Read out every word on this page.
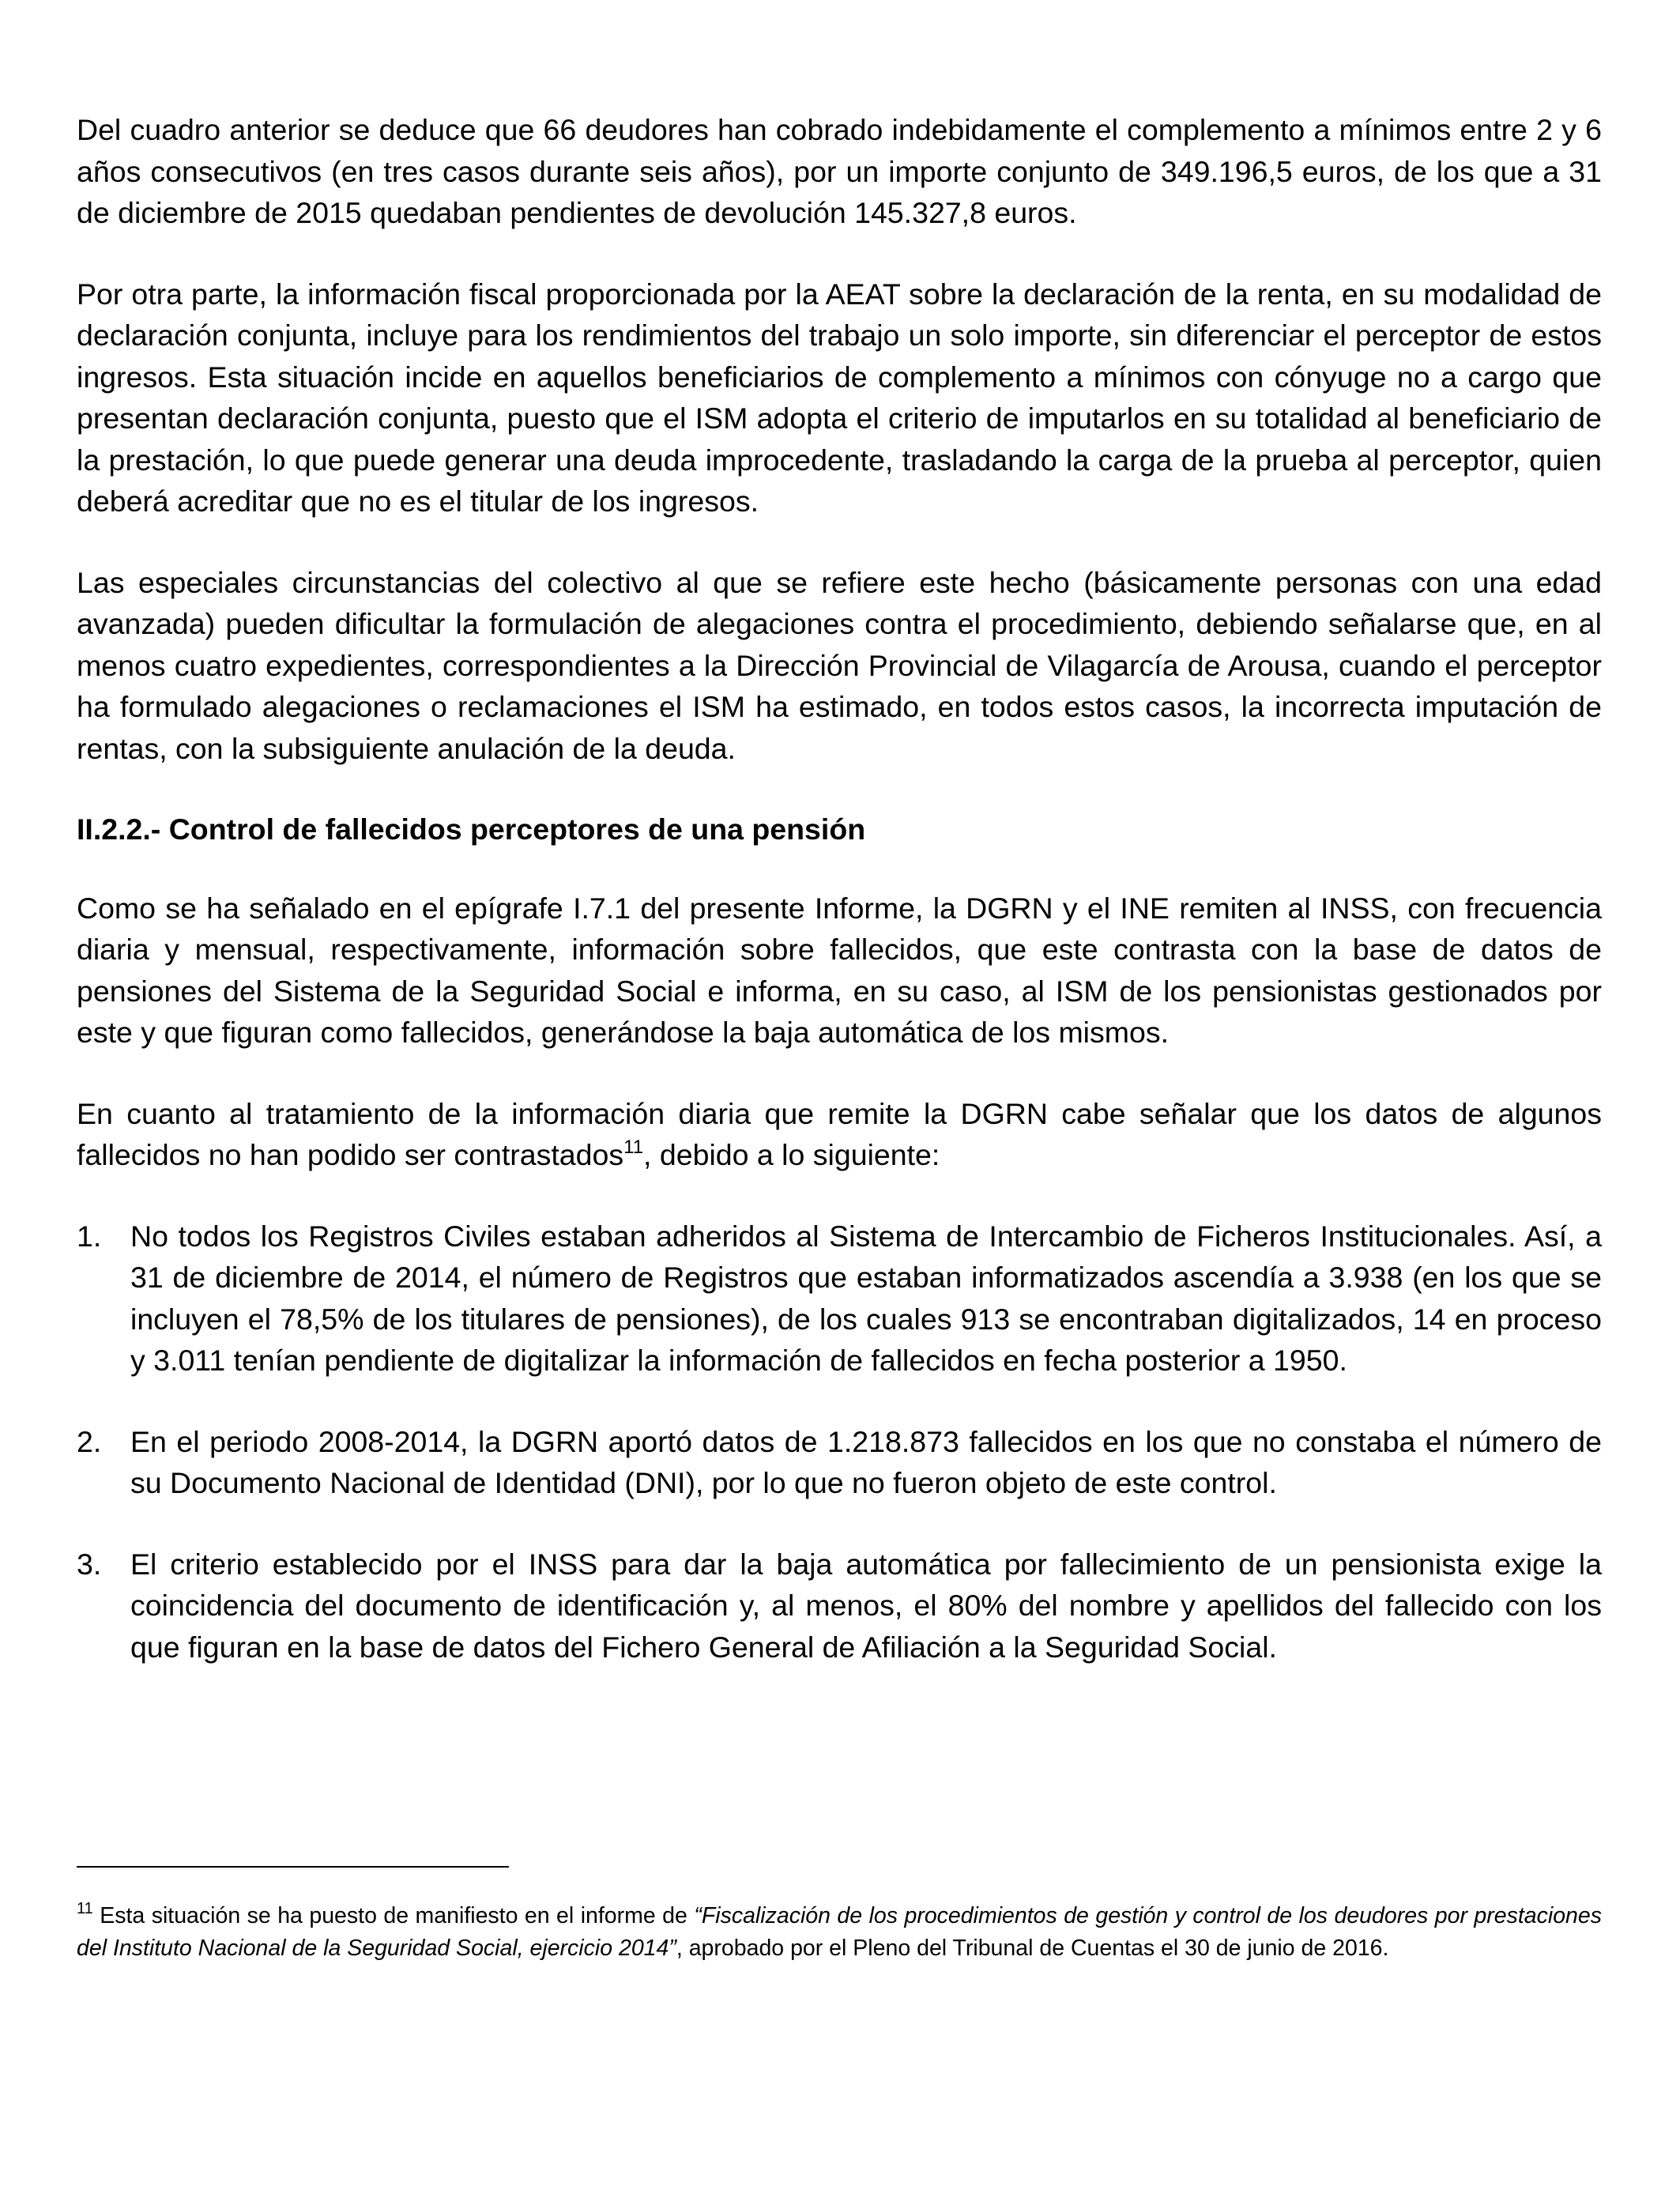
Del cuadro anterior se deduce que 66 deudores han cobrado indebidamente el complemento a mínimos entre 2 y 6 años consecutivos (en tres casos durante seis años), por un importe conjunto de 349.196,5 euros, de los que a 31 de diciembre de 2015 quedaban pendientes de devolución 145.327,8 euros.

Por otra parte, la información fiscal proporcionada por la AEAT sobre la declaración de la renta, en su modalidad de declaración conjunta, incluye para los rendimientos del trabajo un solo importe, sin diferenciar el perceptor de estos ingresos. Esta situación incide en aquellos beneficiarios de complemento a mínimos con cónyuge no a cargo que presentan declaración conjunta, puesto que el ISM adopta el criterio de imputarlos en su totalidad al beneficiario de la prestación, lo que puede generar una deuda improcedente, trasladando la carga de la prueba al perceptor, quien deberá acreditar que no es el titular de los ingresos.

Las especiales circunstancias del colectivo al que se refiere este hecho (básicamente personas con una edad avanzada) pueden dificultar la formulación de alegaciones contra el procedimiento, debiendo señalarse que, en al menos cuatro expedientes, correspondientes a la Dirección Provincial de Vilagarcía de Arousa, cuando el perceptor ha formulado alegaciones o reclamaciones el ISM ha estimado, en todos estos casos, la incorrecta imputación de rentas, con la subsiguiente anulación de la deuda.

II.2.2.- Control de fallecidos perceptores de una pensión

Como se ha señalado en el epígrafe I.7.1 del presente Informe, la DGRN y el INE remiten al INSS, con frecuencia diaria y mensual, respectivamente, información sobre fallecidos, que este contrasta con la base de datos de pensiones del Sistema de la Seguridad Social e informa, en su caso, al ISM de los pensionistas gestionados por este y que figuran como fallecidos, generándose la baja automática de los mismos.

En cuanto al tratamiento de la información diaria que remite la DGRN cabe señalar que los datos de algunos fallecidos no han podido ser contrastados$^{11}$, debido a lo siguiente:

1. No todos los Registros Civiles estaban adheridos al Sistema de Intercambio de Ficheros Institucionales. Así, a 31 de diciembre de 2014, el número de Registros que estaban informatizados ascendía a 3.938 (en los que se incluyen el 78,5% de los titulares de pensiones), de los cuales 913 se encontraban digitalizados, 14 en proceso y 3.011 tenían pendiente de digitalizar la información de fallecidos en fecha posterior a 1950.
2. En el periodo 2008-2014, la DGRN aportó datos de 1.218.873 fallecidos en los que no constaba el número de su Documento Nacional de Identidad (DNI), por lo que no fueron objeto de este control.
3. El criterio establecido por el INSS para dar la baja automática por fallecimiento de un pensionista exige la coincidencia del documento de identificación y, al menos, el 80% del nombre y apellidos del fallecido con los que figuran en la base de datos del Fichero General de Afiliación a la Seguridad Social.
$^{11}$ Esta situación se ha puesto de manifiesto en el informe de “Fiscalización de los procedimientos de gestión y control de los deudores por prestaciones del Instituto Nacional de la Seguridad Social, ejercicio 2014”, aprobado por el Pleno del Tribunal de Cuentas el 30 de junio de 2016.
